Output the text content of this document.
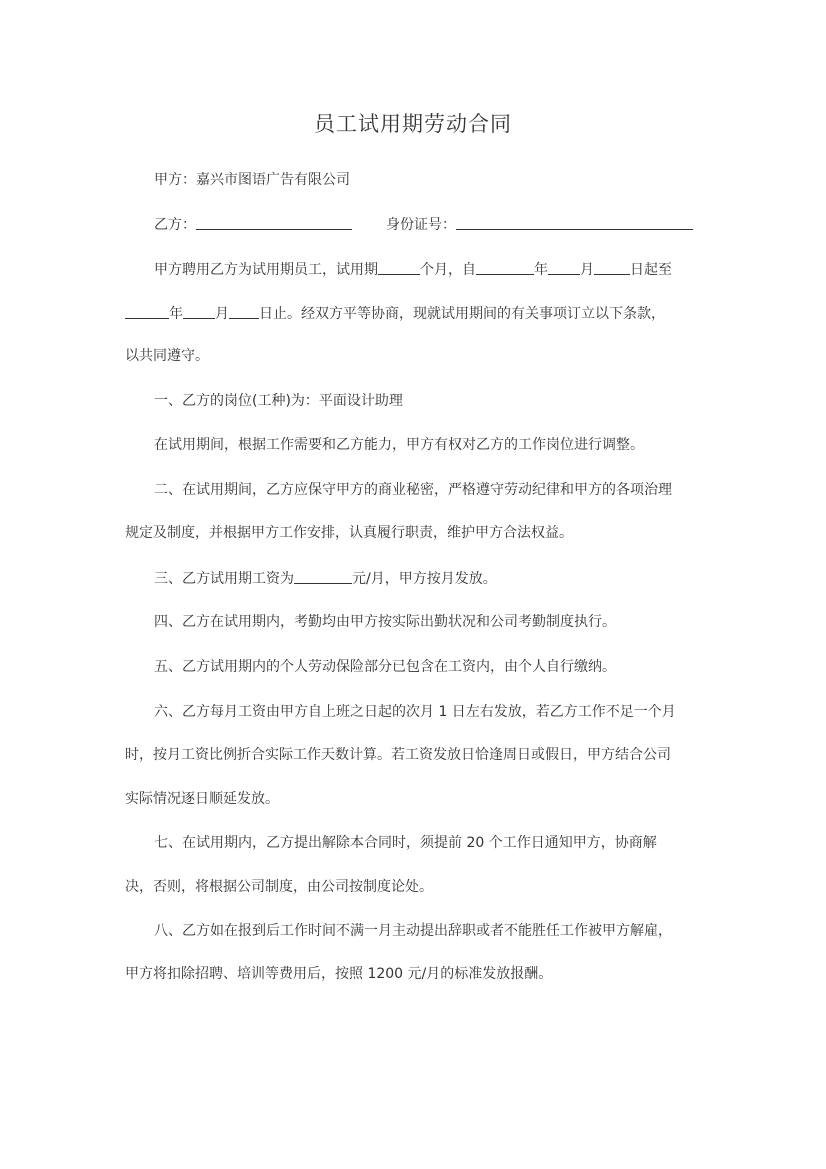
员工试用期劳动合同
甲方：嘉兴市图语广告有限公司
乙方：	身份证号：
甲方聘用乙方为试用期员工，试用期	个月，自	年 月	日起至
年 月 日止。经双方平等协商，现就试用期间的有关事项订立以下条款，
以共同遵守。
一、乙方的岗位(工种)为：平面设计助理
在试用期间，根据工作需要和乙方能力，甲方有权对乙方的工作岗位进行调整。
二、在试用期间，乙方应保守甲方的商业秘密，严格遵守劳动纪律和甲方的各项治理
规定及制度，并根据甲方工作安排，认真履行职责，维护甲方合法权益。
三、乙方试用期工资为	元/月，甲方按月发放。
四、乙方在试用期内，考勤均由甲方按实际出勤状况和公司考勤制度执行。
五、乙方试用期内的个人劳动保险部分已包含在工资内，由个人自行缴纳。
六、乙方每月工资由甲方自上班之日起的次月 1 日左右发放，若乙方工作不足一个月
时，按月工资比例折合实际工作天数计算。若工资发放日恰逢周日或假日，甲方结合公司
实际情况逐日顺延发放。
七、在试用期内，乙方提出解除本合同时，须提前 20 个工作日通知甲方，协商解
决，否则，将根据公司制度，由公司按制度论处。
八、乙方如在报到后工作时间不满一月主动提出辞职或者不能胜任工作被甲方解雇，
甲方将扣除招聘、培训等费用后，按照 1200 元/月的标准发放报酬。
